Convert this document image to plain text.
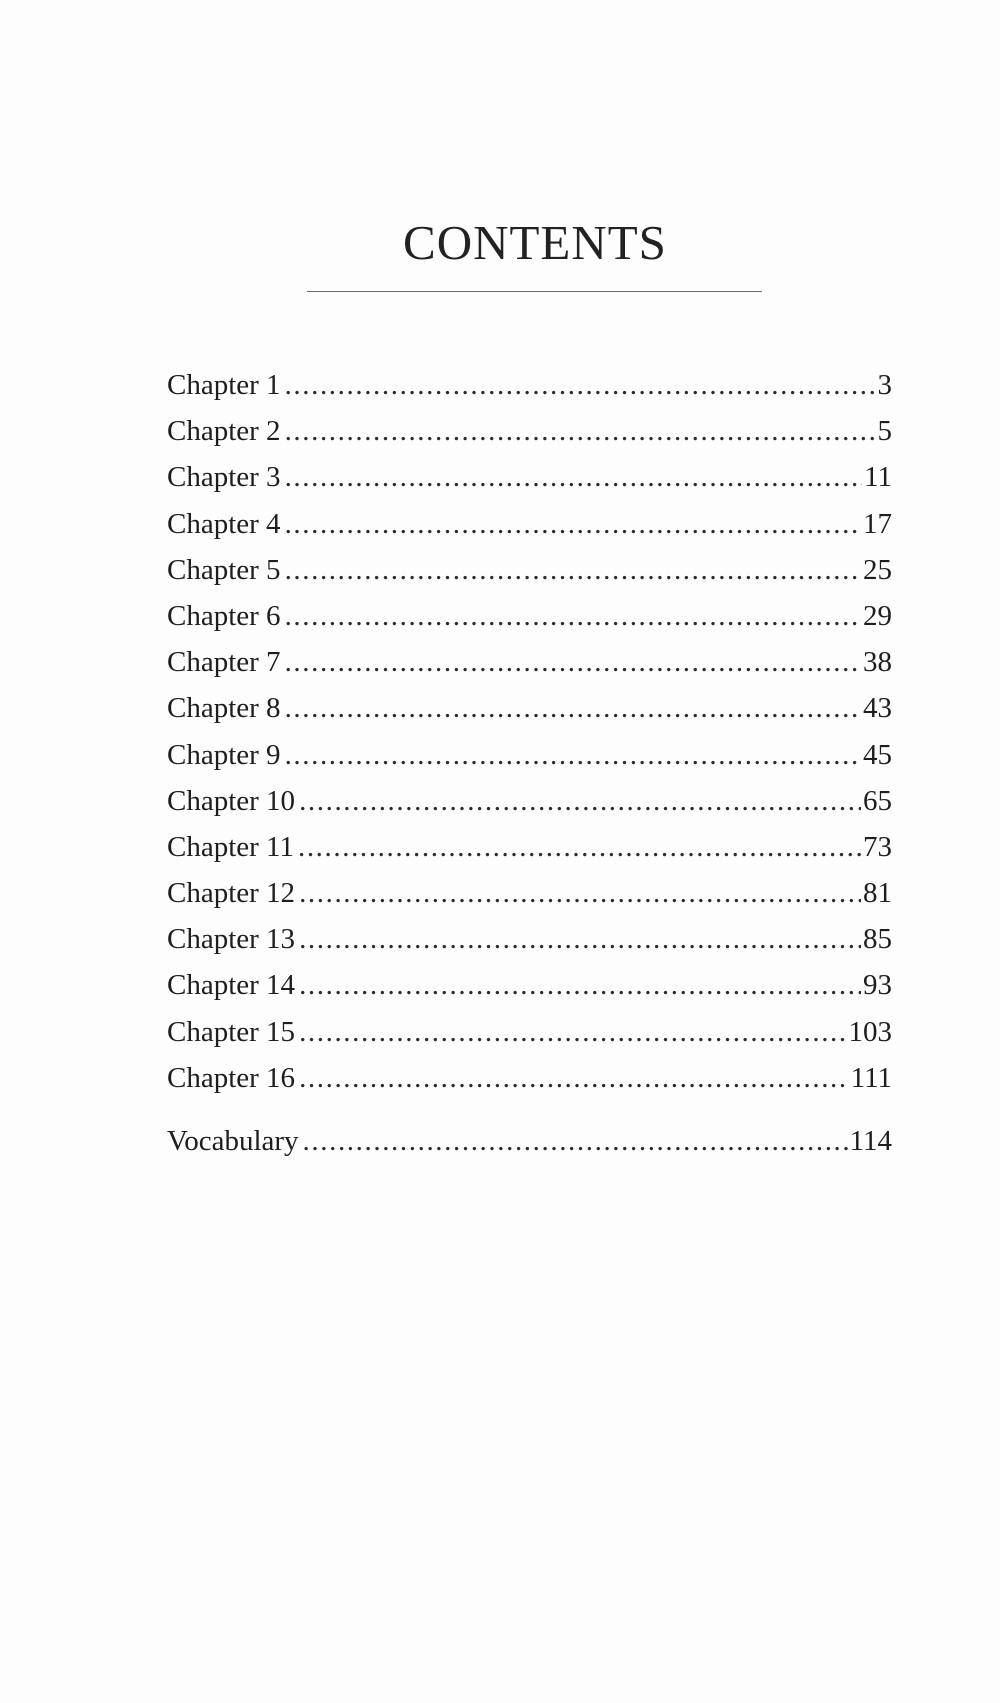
CONTENTS
Chapter 1 .....	3
Chapter 2 .....	5
Chapter 3 .....	11
Chapter 4 .....	17
Chapter 5 .....	25
Chapter 6 .....	29
Chapter 7 .....	38
Chapter 8 .....	43
Chapter 9 .....	45
Chapter 10 .....	65
Chapter 11 .....	73
Chapter 12 .....	81
Chapter 13 .....	85
Chapter 14 .....	93
Chapter 15 .....	103
Chapter 16 .....	111
Vocabulary .....	114
